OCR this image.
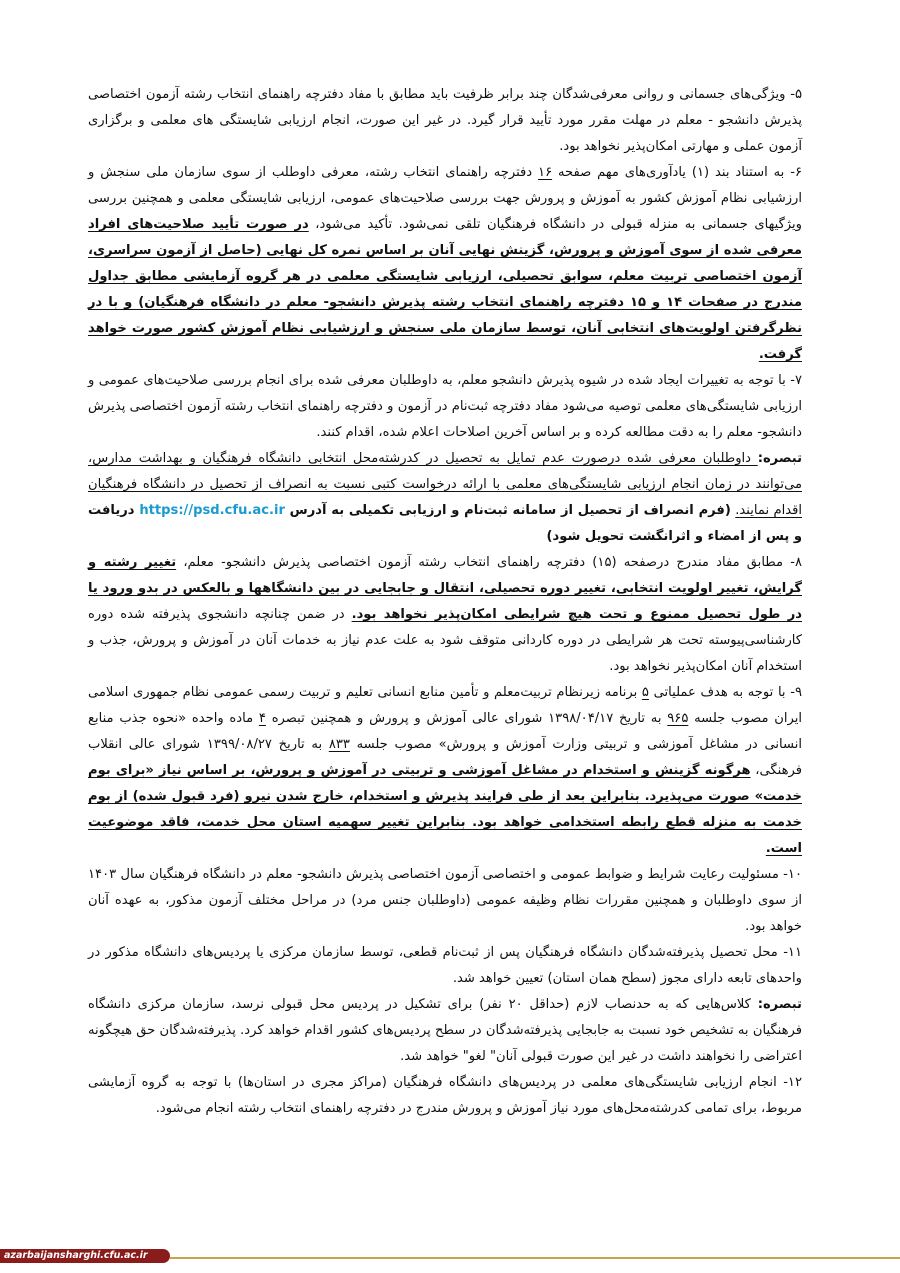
۵- ویژگی‌های جسمانی و روانی معرفی‌شدگان چند برابر ظرفیت باید مطابق با مفاد دفترچه راهنمای انتخاب رشته آزمون اختصاصی پذیرش دانشجو - معلم در مهلت مقرر مورد تأیید قرار گیرد. در غیر این صورت، انجام ارزیابی شایستگی های معلمی و برگزاری آزمون عملی و مهارتی امکان‌پذیر نخواهد بود.

۶- به استناد بند (۱) یادآوری‌های مهم صفحه ۱۶ دفترچه راهنمای انتخاب رشته، معرفی داوطلب از سوی سازمان ملی سنجش و ارزشیابی نظام آموزش کشور به آموزش و پرورش جهت بررسی صلاحیت‌های عمومی، ارزیابی شایستگی معلمی و همچنین بررسی ویژگیهای جسمانی به منزله قبولی در دانشگاه فرهنگیان تلقی نمی‌شود. تأکید می‌شود، در صورت تأیید صلاحیت‌های افراد معرفی شده از سوی آموزش و پرورش، گزینش نهایی آنان بر اساس نمره کل نهایی (حاصل از آزمون سراسری، آزمون اختصاصی تربیت معلم، سوابق تحصیلی، ارزیابی شایستگی معلمی در هر گروه آزمایشی مطابق جداول مندرج در صفحات ۱۴ و ۱۵ دفترچه راهنمای انتخاب رشته پذیرش دانشجو- معلم در دانشگاه فرهنگیان) و با در نظرگرفتن اولویت‌های انتخابی آنان، توسط سازمان ملی سنجش و ارزشیابی نظام آموزش کشور صورت خواهد گرفت.

۷- با توجه به تغییرات ایجاد شده در شیوه پذیرش دانشجو معلم، به داوطلبان معرفی شده برای انجام بررسی صلاحیت‌های عمومی و ارزیابی شایستگی‌های معلمی توصیه می‌شود مفاد دفترچه ثبت‌نام در آزمون و دفترچه راهنمای انتخاب رشته آزمون اختصاصی پذیرش دانشجو- معلم را به دقت مطالعه کرده و بر اساس آخرین اصلاحات اعلام شده، اقدام کنند.

تبصره: داوطلبان معرفی شده درصورت عدم تمایل به تحصیل در کدرشته‌محل انتخابی دانشگاه فرهنگیان و بهداشت مدارس، می‌توانند در زمان انجام ارزیابی شایستگی‌های معلمی با ارائه درخواست کتبی نسبت به انصراف از تحصیل در دانشگاه فرهنگیان اقدام نمایند. (فرم انصراف از تحصیل از سامانه ثبت‌نام و ارزیابی تکمیلی به آدرس https://psd.cfu.ac.ir دریافت و پس از امضاء و اثرانگشت تحویل شود)

۸- مطابق مفاد مندرج درصفحه (۱۵) دفترچه راهنمای انتخاب رشته آزمون اختصاصی پذیرش دانشجو- معلم، تغییر رشته و گرایش، تغییر اولویت انتخابی، تغییر دوره تحصیلی، انتقال و جابجایی در بین دانشگاهها و بالعکس در بدو ورود یا در طول تحصیل ممنوع و تحت هیچ شرایطی امکان‌پذیر نخواهد بود. در ضمن چنانچه دانشجوی پذیرفته شده دوره کارشناسی‌پیوسته تحت هر شرایطی در دوره کاردانی متوقف شود به علت عدم نیاز به خدمات آنان در آموزش و پرورش، جذب و استخدام آنان امکان‌پذیر نخواهد بود.

۹- با توجه به هدف عملیاتی ۵ برنامه زیرنظام تربیت‌معلم و تأمین منابع انسانی تعلیم و تربیت رسمی عمومی نظام جمهوری اسلامی ایران مصوب جلسه ۹۶۵ به تاریخ ۱۳۹۸/۰۴/۱۷ شورای عالی آموزش و پرورش و همچنین تبصره ۴ ماده واحده «نحوه جذب منابع انسانی در مشاغل آموزشی و تربیتی وزارت آموزش و پرورش» مصوب جلسه ۸۳۳ به تاریخ ۱۳۹۹/۰۸/۲۷ شورای عالی انقلاب فرهنگی، هرگونه گزینش و استخدام در مشاغل آموزشی و تربیتی در آموزش و پرورش، بر اساس نیاز «برای بوم خدمت» صورت می‌پذیرد. بنابراین بعد از طی فرایند پذیرش و استخدام، خارج شدن نیرو (فرد قبول شده) از بوم خدمت به منزله قطع رابطه استخدامی خواهد بود. بنابراین تغییر سهمیه استان محل خدمت، فاقد موضوعیت است.

۱۰- مسئولیت رعایت شرایط و ضوابط عمومی و اختصاصی آزمون اختصاصی پذیرش دانشجو- معلم در دانشگاه فرهنگیان سال ۱۴۰۳ از سوی داوطلبان و همچنین مقررات نظام وظیفه عمومی (داوطلبان جنس مرد) در مراحل مختلف آزمون مذکور، به عهده آنان خواهد بود.

۱۱- محل تحصیل پذیرفته‌شدگان دانشگاه فرهنگیان پس از ثبت‌نام قطعی، توسط سازمان مرکزی یا پردیس‌های دانشگاه مذکور در واحدهای تابعه دارای مجوز (سطح همان استان) تعیین خواهد شد.

تبصره: کلاس‌هایی که به حدنصاب لازم (حداقل ۲۰ نفر) برای تشکیل در پردیس محل قبولی نرسد، سازمان مرکزی دانشگاه فرهنگیان به تشخیص خود نسبت به جابجایی پذیرفته‌شدگان در سطح پردیس‌های کشور اقدام خواهد کرد. پذیرفته‌شدگان حق هیچگونه اعتراضی را نخواهند داشت در غیر این صورت قبولی آنان" لغو" خواهد شد.

۱۲- انجام ارزیابی شایستگی‌های معلمی در پردیس‌های دانشگاه فرهنگیان (مراکز مجری در استان‌ها) با توجه به گروه آزمایشی مربوط، برای تمامی کدرشته‌محل‌های مورد نیاز آموزش و پرورش مندرج در دفترچه راهنمای انتخاب رشته انجام می‌شود.

azarbaijansharghi.cfu.ac.ir
